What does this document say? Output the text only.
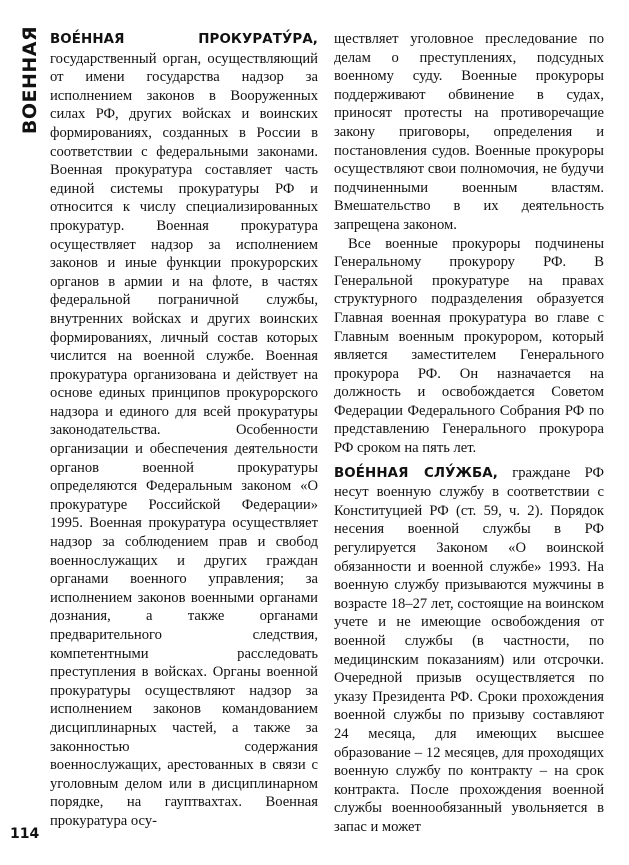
ВОЕННАЯ ВОЕ́ННАЯ ПРОКУРАТУ́РА, государственный орган, осуществляющий от имени государства надзор за исполнением законов в Вооруженных силах РФ, других войсках и воинских формированиях, созданных в России в соответствии с федеральными законами. Военная прокуратура составляет часть единой системы прокуратуры РФ и относится к числу специализированных прокуратур. Военная прокуратура осуществляет надзор за исполнением законов и иные функции прокурорских органов в армии и на флоте, в частях федеральной пограничной службы, внутренних войсках и других воинских формированиях, личный состав которых числится на военной службе. Военная прокуратура организована и действует на основе единых принципов прокурорского надзора и единого для всей прокуратуры законодательства. Особенности организации и обеспечения деятельности органов военной прокуратуры определяются Федеральным законом «О прокуратуре Российской Федерации» 1995. Военная прокуратура осуществляет надзор за соблюдением прав и свобод военнослужащих и других граждан органами военного управления; за исполнением законов военными органами дознания, а также органами предварительного следствия, компетентными расследовать преступления в войсках. Органы военной прокуратуры осуществляют надзор за исполнением законов командованием дисциплинарных частей, а также за законностью содержания военнослужащих, арестованных в связи с уголовным делом или в дисциплинарном порядке, на гауптвахтах. Военная прокуратура осу-

ществляет уголовное преследование по делам о преступлениях, подсудных военному суду. Военные прокуроры поддерживают обвинение в судах, приносят протесты на противоречащие закону приговоры, определения и постановления судов. Военные прокуроры осуществляют свои полномочия, не будучи подчиненными военным властям. Вмешательство в их деятельность запрещена законом.

Все военные прокуроры подчинены Генеральному прокурору РФ. В Генеральной прокуратуре на правах структурного подразделения образуется Главная военная прокуратура во главе с Главным военным прокурором, который является заместителем Генерального прокурора РФ. Он назначается на должность и освобождается Советом Федерации Федерального Собрания РФ по представлению Генерального прокурора РФ сроком на пять лет.

ВОЕ́ННАЯ СЛУ́ЖБА, граждане РФ несут военную службу в соответствии с Конституцией РФ (ст. 59, ч. 2). Порядок несения военной службы в РФ регулируется Законом «О воинской обязанности и военной службе» 1993. На военную службу призываются мужчины в возрасте 18–27 лет, состоящие на воинском учете и не имеющие освобождения от военной службы (в частности, по медицинским показаниям) или отсрочки. Очередной призыв осуществляется по указу Президента РФ. Сроки прохождения военной службы по призыву составляют 24 месяца, для имеющих высшее образование – 12 месяцев, для проходящих военную службу по контракту – на срок контракта. После прохождения военной службы военнообязанный увольняется в запас и может

114
